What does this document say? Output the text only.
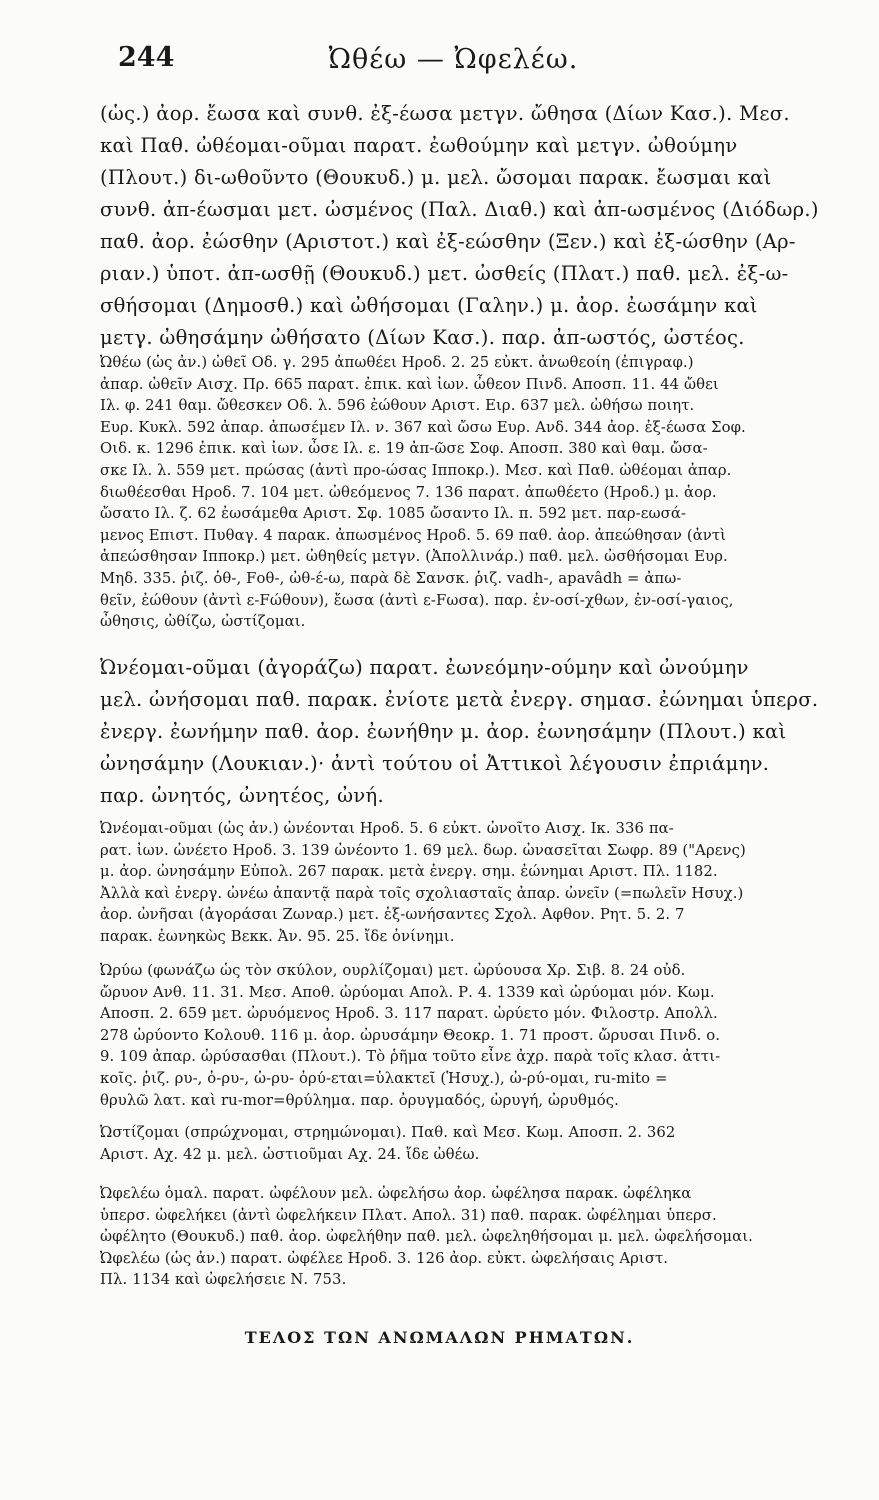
244	Ὠθέω — Ὠφελέω.
(ὡς.) ἀορ. ἔωσα καὶ συνθ. ἐξ-έωσα μετγν. ὤθησα (Δίων Κασ.). Μεσ.
καὶ Παθ. ὠθέομαι-οῦμαι παρατ. ἐωθούμην καὶ μετγν. ὠθούμην
(Πλουτ.) δι-ωθοῦντο (Θουκυδ.) μ. μελ. ὤσομαι παρακ. ἔωσμαι καὶ
συνθ. ἀπ-έωσμαι μετ. ὠσμένος (Παλ. Διαθ.) καὶ ἀπ-ωσμένος (Διόδωρ.)
παθ. ἀορ. ἐώσθην (Αριστοτ.) καὶ ἐξ-εώσθην (Ξεν.) καὶ ἐξ-ώσθην (Αρ-
ριαν.) ὑποτ. ἀπ-ωσθῇ (Θουκυδ.) μετ. ὠσθείς (Πλατ.) παθ. μελ. ἐξ-ω-
σθήσομαι (Δημοσθ.) καὶ ὠθήσομαι (Γαλην.) μ. ἀορ. ἐωσάμην καὶ
μετγ. ὠθησάμην ὠθήσατο (Δίων Κασ.). παρ. ἀπ-ωστός, ὠστέος.
Ὠθέω (ὡς ἀν.) ὠθεῖ Οδ. γ. 295 ἀπωθέει Ηροδ. 2. 25 εὐκτ. ἀνωθεοίη (ἐπιγραφ.)
ἀπαρ. ὠθεῖν Αισχ. Πρ. 665 παρατ. ἐπικ. καὶ ἰων. ὦθεον Πινδ. Αποσπ. 11. 44 ὤθει
Ιλ. φ. 241 θαμ. ὤθεσκεν Οδ. λ. 596 ἐώθουν Αριστ. Ειρ. 637 μελ. ὠθήσω ποιητ.
Ευρ. Κυκλ. 592 ἀπαρ. ἀπωσέμεν Ιλ. ν. 367 καὶ ὤσω Ευρ. Ανδ. 344 ἀορ. ἐξ-έωσα Σοφ.
Οιδ. κ. 1296 ἐπικ. καὶ ἰων. ὦσε Ιλ. ε. 19 ἀπ-ῶσε Σοφ. Αποσπ. 380 καὶ θαμ. ὤσα-
σκε Ιλ. λ. 559 μετ. πρώσας (ἀντὶ προ-ώσας Ιπποκρ.). Μεσ. καὶ Παθ. ὠθέομαι ἀπαρ.
διωθέεσθαι Ηροδ. 7. 104 μετ. ὠθεόμενος 7. 136 παρατ. ἀπωθέετο (Ηροδ.) μ. ἀορ.
ὤσατο Ιλ. ζ. 62 ἐωσάμεθα Αριστ. Σφ. 1085 ὤσαντο Ιλ. π. 592 μετ. παρ-εωσά-
μενος Επιστ. Πυθαγ. 4 παρακ. ἀπωσμένος Ηροδ. 5. 69 παθ. ἀορ. ἀπεώθησαν (ἀντὶ
ἀπεώσθησαν Ιπποκρ.) μετ. ὠθηθείς μετγν. (Ἀπολλινάρ.) παθ. μελ. ὠσθήσομαι Ευρ.
Μηδ. 335. ῥιζ. ὀθ-, Fοθ-, ὠθ-έ-ω, παρὰ δὲ Σανσκ. ῥιζ. vadh-, apavâdh = ἀπω-
θεῖν, ἐώθουν (ἀντὶ ε-Fώθουν), ἔωσα (ἀντὶ ε-Fωσα). παρ. ἐν-οσί-χθων, ἐν-οσί-γαιος,
ὦθησις, ὠθίζω, ὠστίζομαι.
Ὠνέομαι-οῦμαι (ἀγοράζω) παρατ. ἐωνεόμην-ούμην καὶ ὠνούμην
μελ. ὠνήσομαι παθ. παρακ. ἐνίοτε μετὰ ἐνεργ. σημασ. ἐώνημαι ὑπερσ.
ἐνεργ. ἐωνήμην παθ. ἀορ. ἐωνήθην μ. ἀορ. ἐωνησάμην (Πλουτ.) καὶ
ὠνησάμην (Λουκιαν.)· ἀντὶ τούτου οἱ Ἀττικοὶ λέγουσιν ἐπριάμην.
παρ. ὠνητός, ὠνητέος, ὠνή.
Ὠνέομαι-οῦμαι (ὡς ἀν.) ὠνέονται Ηροδ. 5. 6 εὐκτ. ὠνοῖτο Αισχ. Ικ. 336 πα-
ρατ. ἰων. ὠνέετο Ηροδ. 3. 139 ὠνέοντο 1. 69 μελ. δωρ. ὠνασεῖται Σωφρ. 89 ("Αρενς)
μ. ἀορ. ὠνησάμην Εὐπολ. 267 παρακ. μετὰ ἐνεργ. σημ. ἐώνημαι Αριστ. Πλ. 1182.
Ἀλλὰ καὶ ἐνεργ. ὠνέω ἀπαντᾷ παρὰ τοῖς σχολιασταῖς ἀπαρ. ὠνεῖν (=πωλεῖν Ησυχ.)
ἀορ. ὠνῆσαι (ἀγοράσαι Ζωναρ.) μετ. ἐξ-ωνήσαντες Σχολ. Αφθον. Ρητ. 5. 2. 7
παρακ. ἐωνηκὼς Βεκκ. Ἀν. 95. 25. ἴδε ὀνίνημι.
Ὠρύω (φωνάζω ὡς τὸν σκύλον, ουρλίζομαι) μετ. ὠρύουσα Χρ. Σιβ. 8. 24 οὐδ.
ὤρυον Ανθ. 11. 31. Μεσ. Αποθ. ὠρύομαι Απολ. Ρ. 4. 1339 καὶ ὠρύομαι μόν. Κωμ.
Αποσπ. 2. 659 μετ. ὠρυόμενος Ηροδ. 3. 117 παρατ. ὠρύετο μόν. Φιλοστρ. Απολλ.
278 ὠρύοντο Κολουθ. 116 μ. ἀορ. ὠρυσάμην Θεοκρ. 1. 71 προστ. ὤρυσαι Πινδ. ο.
9. 109 ἀπαρ. ὠρύσασθαι (Πλουτ.). Τὸ ῥῆμα τοῦτο εἶνε ἀχρ. παρὰ τοῖς κλασ. ἀττι-
κοῖς. ῥιζ. ρυ-, ὀ-ρυ-, ὠ-ρυ- ὀρύ-εται=ὑλακτεῖ (Ἡσυχ.), ὠ-ρύ-ομαι, ru-mito =
θρυλῶ λατ. καὶ ru-mor=θρύλημα. παρ. ὀρυγμαδός, ὠρυγή, ὠρυθμός.
Ὠστίζομαι (σπρώχνομαι, στρημώνομαι). Παθ. καὶ Μεσ. Κωμ. Αποσπ. 2. 362
Αριστ. Αχ. 42 μ. μελ. ὠστιοῦμαι Αχ. 24. ἴδε ὠθέω.
Ὠφελέω ὁμαλ. παρατ. ὠφέλουν μελ. ὠφελήσω ἀορ. ὠφέλησα παρακ. ὠφέληκα
ὑπερσ. ὠφελήκει (ἀντὶ ὠφελήκειν Πλατ. Απολ. 31) παθ. παρακ. ὠφέλημαι ὑπερσ.
ὠφέλητο (Θουκυδ.) παθ. ἀορ. ὠφελήθην παθ. μελ. ὠφεληθήσομαι μ. μελ. ὠφελήσομαι.
Ὠφελέω (ὡς ἀν.) παρατ. ὠφέλεε Ηροδ. 3. 126 ἀορ. εὐκτ. ὠφελήσαις Αριστ.
Πλ. 1134 καὶ ὠφελήσειε Ν. 753.
ΤΕΛΟΣ ΤΩΝ ΑΝΩΜΑΛΩΝ ΡΗΜΑΤΩΝ.
